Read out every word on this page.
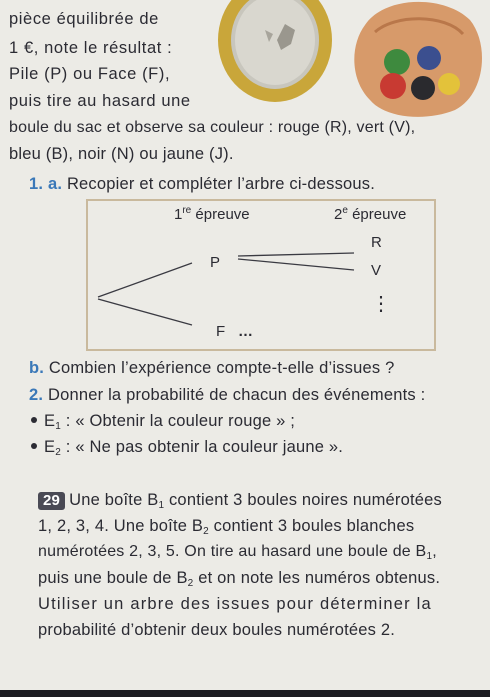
pièce équilibrée de
1 €, note le résultat :
Pile (P) ou Face (F),
puis tire au hasard une
boule du sac et observe sa couleur : rouge (R), vert (V),
bleu (B), noir (N) ou jaune (J).
1. a. Recopier et compléter l’arbre ci-dessous.
1re épreuve	2e épreuve
P
F …
R
V
⋮
b. Combien l’expérience compte-t-elle d’issues ?
2. Donner la probabilité de chacun des événements :
$E_1$ : « Obtenir la couleur rouge » ;
$E_2$ : « Ne pas obtenir la couleur jaune ».
29 Une boîte $B_1$ contient 3 boules noires numérotées
1, 2, 3, 4. Une boîte $B_2$ contient 3 boules blanches
numérotées 2, 3, 5. On tire au hasard une boule de $B_1$,
puis une boule de $B_2$ et on note les numéros obtenus.
Utiliser un arbre des issues pour déterminer la
probabilité d’obtenir deux boules numérotées 2.
